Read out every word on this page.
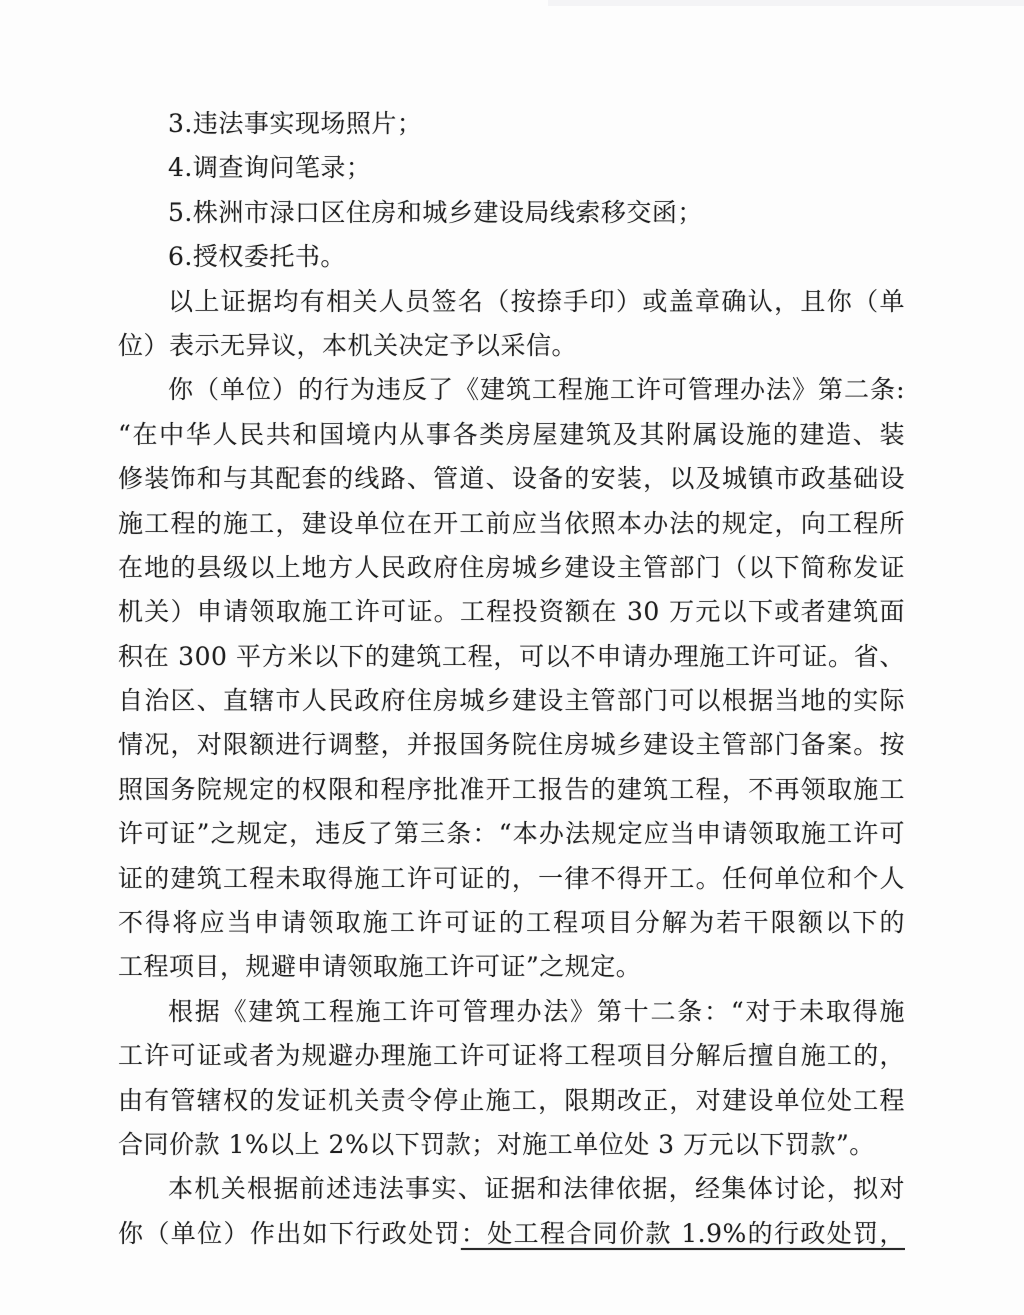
3.违法事实现场照片；
4.调查询问笔录；
5.株洲市渌口区住房和城乡建设局线索移交函；
6.授权委托书。
以上证据均有相关人员签名（按捺手印）或盖章确认，且你（单
位）表示无异议，本机关决定予以采信。
你（单位）的行为违反了《建筑工程施工许可管理办法》第二条:
“在中华人民共和国境内从事各类房屋建筑及其附属设施的建造、装
修装饰和与其配套的线路、管道、设备的安装，以及城镇市政基础设
施工程的施工，建设单位在开工前应当依照本办法的规定，向工程所
在地的县级以上地方人民政府住房城乡建设主管部门（以下简称发证
机关）申请领取施工许可证。工程投资额在 30 万元以下或者建筑面
积在 300 平方米以下的建筑工程，可以不申请办理施工许可证。省、
自治区、直辖市人民政府住房城乡建设主管部门可以根据当地的实际
情况，对限额进行调整，并报国务院住房城乡建设主管部门备案。按
照国务院规定的权限和程序批准开工报告的建筑工程，不再领取施工
许可证”之规定，违反了第三条：“本办法规定应当申请领取施工许可
证的建筑工程未取得施工许可证的，一律不得开工。任何单位和个人
不得将应当申请领取施工许可证的工程项目分解为若干限额以下的
工程项目，规避申请领取施工许可证”之规定。
根据《建筑工程施工许可管理办法》第十二条：“对于未取得施
工许可证或者为规避办理施工许可证将工程项目分解后擅自施工的，
由有管辖权的发证机关责令停止施工，限期改正，对建设单位处工程
合同价款 1%以上 2%以下罚款；对施工单位处 3 万元以下罚款”。
本机关根据前述违法事实、证据和法律依据，经集体讨论，拟对
你（单位）作出如下行政处罚：处工程合同价款 1.9%的行政处罚，
